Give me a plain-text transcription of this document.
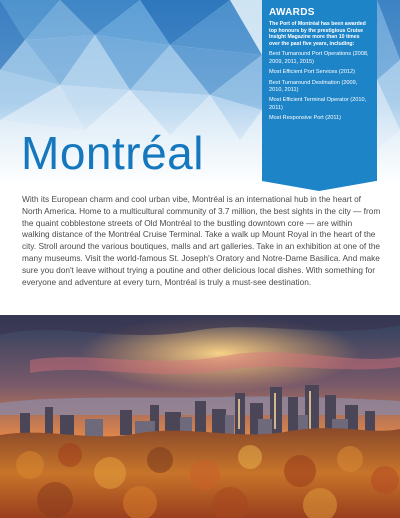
AWARDS
The Port of Montréal has been awarded top honours by the prestigious Cruise Insight Magazine more than 10 times over the past five years, including:
Best Turnaround Port Operations (2008, 2009, 2011, 2015)
Most Efficient Port Services (2012)
Best Turnaround Destination (2009, 2010, 2011)
Most Efficient Terminal Operator (2010, 2011)
Most Responsive Port (2011)
Montréal

With its European charm and cool urban vibe, Montréal is an international hub in the heart of North America. Home to a multicultural community of 3.7 million, the best sights in the city — from the quaint cobblestone streets of Old Montréal to the bustling downtown core — are within walking distance of the Montréal Cruise Terminal. Take a walk up Mount Royal in the heart of the city. Stroll around the various boutiques, malls and art galleries. Take in an exhibition at one of the many museums. Visit the world-famous St. Joseph's Oratory and Notre-Dame Basilica. And make sure you don't leave without trying a poutine and other delicious local dishes. With something for everyone and adventure at every turn, Montréal is truly a must-see destination.
